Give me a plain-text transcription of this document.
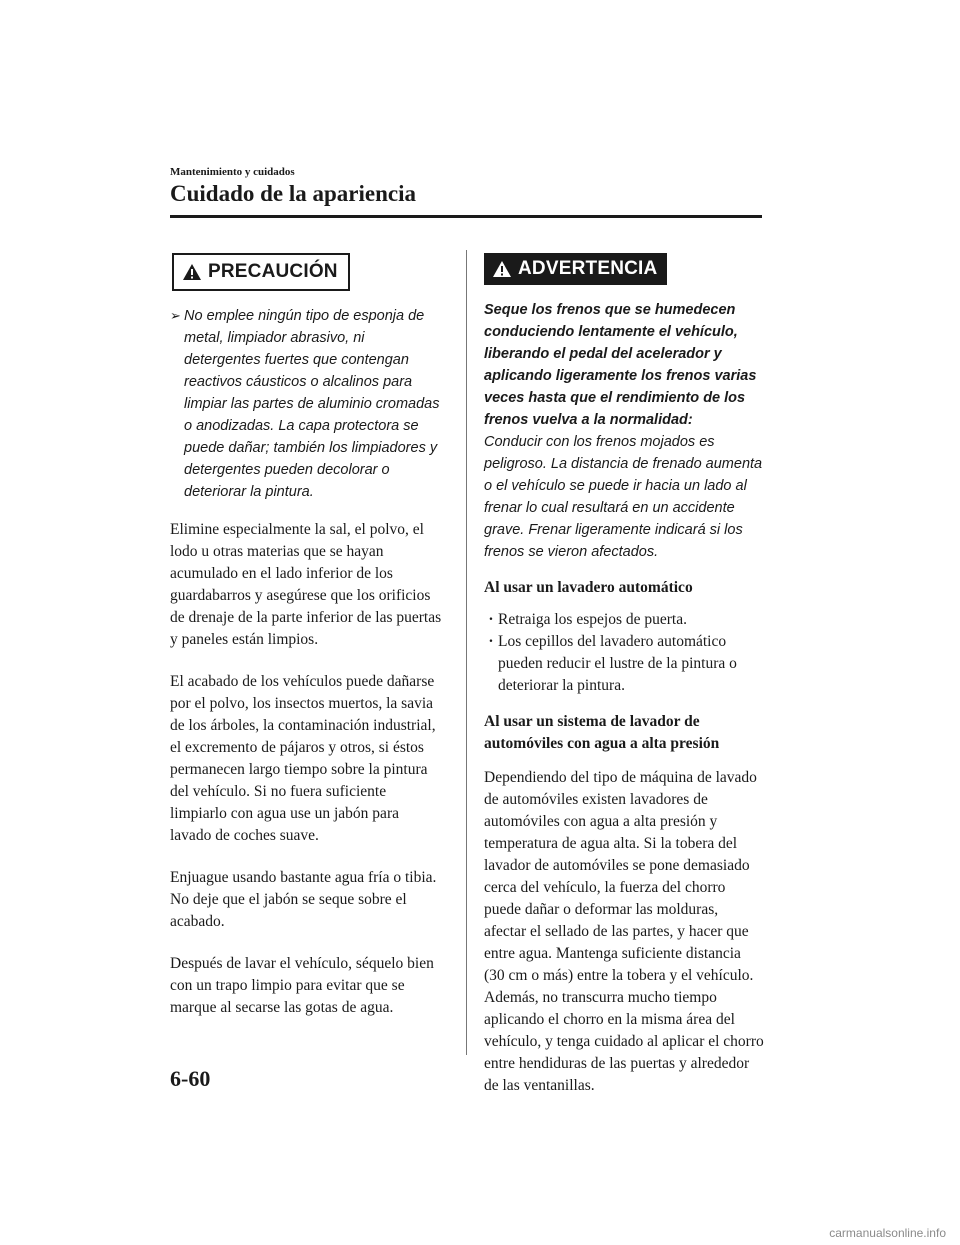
Mantenimiento y cuidados
Cuidado de la apariencia
PRECAUCIÓN
➢ No emplee ningún tipo de esponja de metal, limpiador abrasivo, ni detergentes fuertes que contengan reactivos cáusticos o alcalinos para limpiar las partes de aluminio cromadas o anodizadas. La capa protectora se puede dañar; también los limpiadores y detergentes pueden decolorar o deteriorar la pintura.

Elimine especialmente la sal, el polvo, el lodo u otras materias que se hayan acumulado en el lado inferior de los guardabarros y asegúrese que los orificios de drenaje de la parte inferior de las puertas y paneles están limpios.

El acabado de los vehículos puede dañarse por el polvo, los insectos muertos, la savia de los árboles, la contaminación industrial, el excremento de pájaros y otros, si éstos permanecen largo tiempo sobre la pintura del vehículo. Si no fuera suficiente limpiarlo con agua use un jabón para lavado de coches suave.

Enjuague usando bastante agua fría o tibia. No deje que el jabón se seque sobre el acabado.

Después de lavar el vehículo, séquelo bien con un trapo limpio para evitar que se marque al secarse las gotas de agua.

ADVERTENCIA
Seque los frenos que se humedecen conduciendo lentamente el vehículo, liberando el pedal del acelerador y aplicando ligeramente los frenos varias veces hasta que el rendimiento de los frenos vuelva a la normalidad:
Conducir con los frenos mojados es peligroso. La distancia de frenado aumenta o el vehículo se puede ir hacia un lado al frenar lo cual resultará en un accidente grave. Frenar ligeramente indicará si los frenos se vieron afectados.
Al usar un lavadero automático
· Retraiga los espejos de puerta.
· Los cepillos del lavadero automático pueden reducir el lustre de la pintura o deteriorar la pintura.
Al usar un sistema de lavador de automóviles con agua a alta presión

Dependiendo del tipo de máquina de lavado de automóviles existen lavadores de automóviles con agua a alta presión y temperatura de agua alta. Si la tobera del lavador de automóviles se pone demasiado cerca del vehículo, la fuerza del chorro puede dañar o deformar las molduras, afectar el sellado de las partes, y hacer que entre agua. Mantenga suficiente distancia (30 cm o más) entre la tobera y el vehículo. Además, no transcurra mucho tiempo aplicando el chorro en la misma área del vehículo, y tenga cuidado al aplicar el chorro entre hendiduras de las puertas y alrededor de las ventanillas.

6-60
carmanualsonline.info
